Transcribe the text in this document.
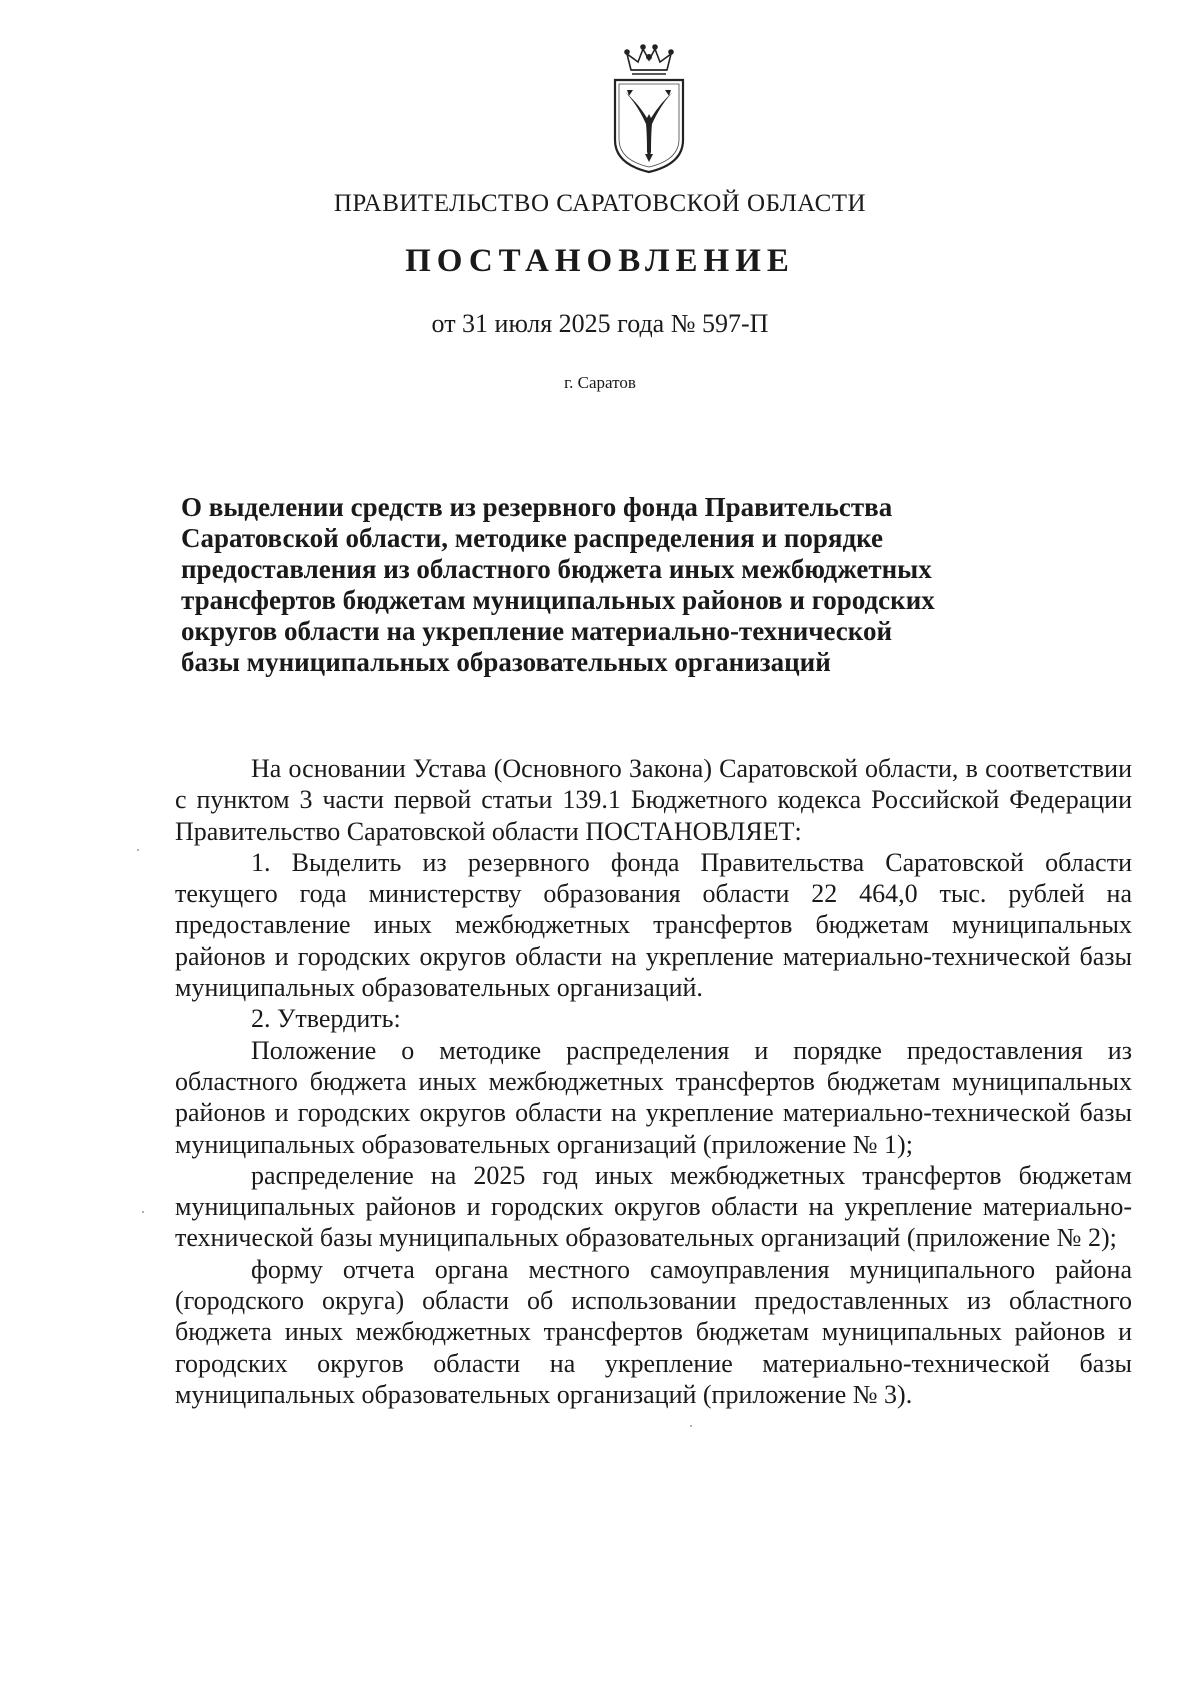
ПРАВИТЕЛЬСТВО САРАТОВСКОЙ ОБЛАСТИ
ПОСТАНОВЛЕНИЕ
от 31 июля 2025 года № 597-П
г. Саратов
О выделении средств из резервного фонда Правительства
Саратовской области, методике распределения и порядке
предоставления из областного бюджета иных межбюджетных
трансфертов бюджетам муниципальных районов и городских
округов области на укрепление материально-технической
базы муниципальных образовательных организаций

На основании Устава (Основного Закона) Саратовской области, в соответствии с пунктом 3 части первой статьи 139.1 Бюджетного кодекса Российской Федерации Правительство Саратовской области ПОСТАНОВЛЯЕТ:

1. Выделить из резервного фонда Правительства Саратовской области текущего года министерству образования области 22 464,0 тыс. рублей на предоставление иных межбюджетных трансфертов бюджетам муниципальных районов и городских округов области на укрепление материально-технической базы муниципальных образовательных организаций.

2. Утвердить:

Положение о методике распределения и порядке предоставления из областного бюджета иных межбюджетных трансфертов бюджетам муниципальных районов и городских округов области на укрепление материально-технической базы муниципальных образовательных организаций (приложение № 1);

распределение на 2025 год иных межбюджетных трансфертов бюджетам муниципальных районов и городских округов области на укрепление материально-технической базы муниципальных образовательных организаций (приложение № 2);

форму отчета органа местного самоуправления муниципального района (городского округа) области об использовании предоставленных из областного бюджета иных межбюджетных трансфертов бюджетам муниципальных районов и городских округов области на укрепление материально-технической базы муниципальных образовательных организаций (приложение № 3).
